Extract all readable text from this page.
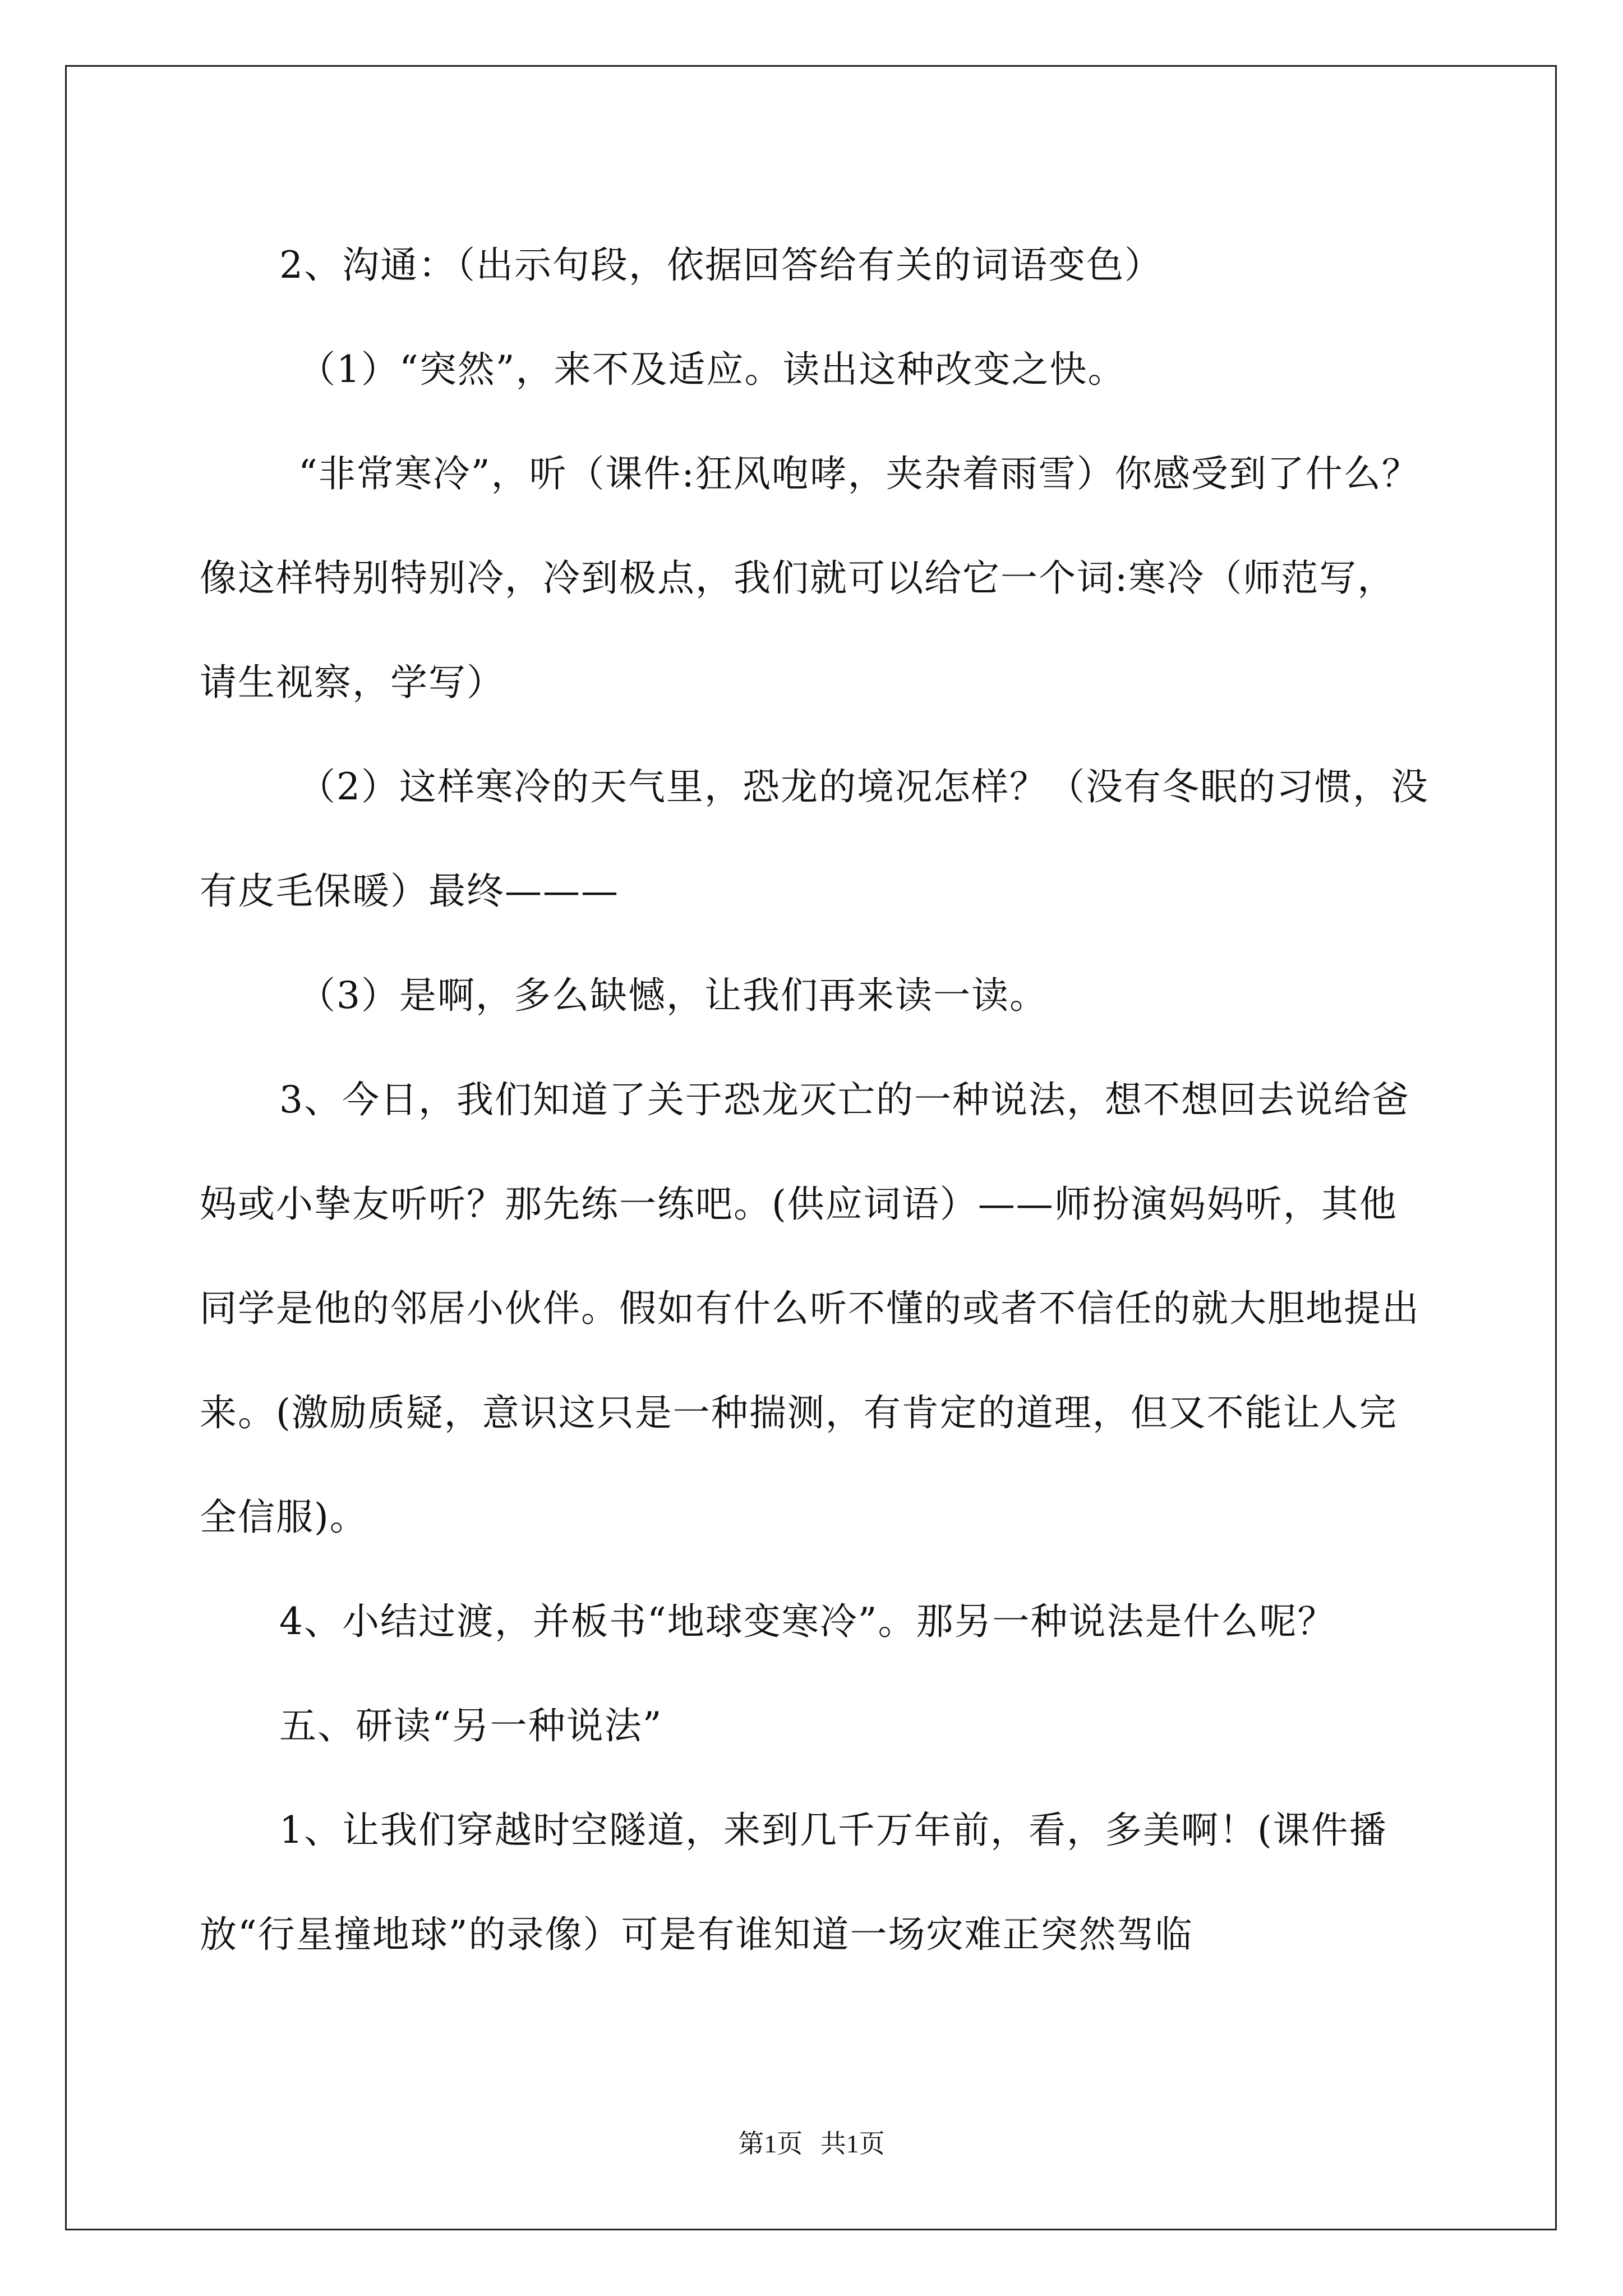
2、沟通：（出示句段，依据回答给有关的词语变色）

（1）“突然”，来不及适应。读出这种改变之快。

“非常寒冷”，听（课件:狂风咆哮，夹杂着雨雪）你感受到了什么？像这样特别特别冷，冷到极点，我们就可以给它一个词:寒冷（师范写，请生视察，学写）

（2）这样寒冷的天气里，恐龙的境况怎样？（没有冬眠的习惯，没有皮毛保暖）最终———

（3）是啊，多么缺憾，让我们再来读一读。

3、今日，我们知道了关于恐龙灭亡的一种说法，想不想回去说给爸妈或小挚友听听？那先练一练吧。(供应词语）——师扮演妈妈听，其他同学是他的邻居小伙伴。假如有什么听不懂的或者不信任的就大胆地提出来。(激励质疑，意识这只是一种揣测，有肯定的道理，但又不能让人完全信服)。

4、小结过渡，并板书“地球变寒冷”。那另一种说法是什么呢？

五、研读“另一种说法”

1、让我们穿越时空隧道，来到几千万年前，看，多美啊！(课件播放“行星撞地球”的录像）可是有谁知道一场灾难正突然驾临

第1页 共1页
